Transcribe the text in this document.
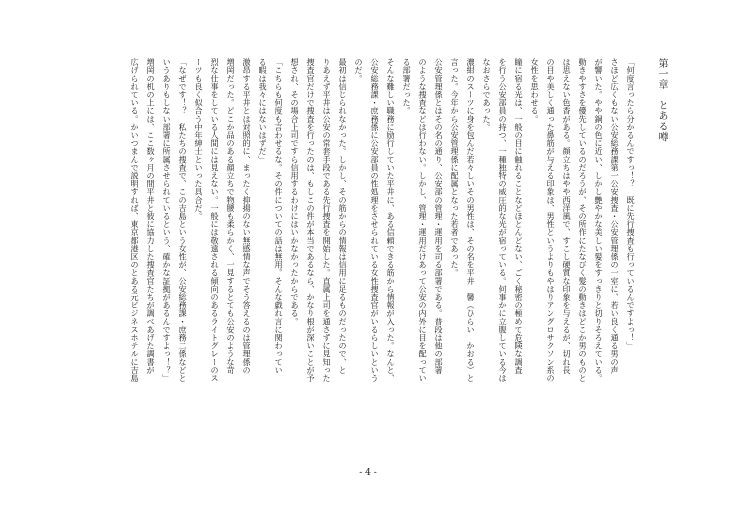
第一章　とある噂
「何度言ったら分かるんですっ！？　既に先行捜査も行っているんですよっ！」
さほど広くもない公安総務課第一公安捜査・公安管理係の一室に、若い良く通る男の声
が響いた。やや銅の色に近い、しかし艶やかな美しい髪をすっきりと切りそろえている。
動きやすさを優先しているのだろうが、その所作にたなびく髪の動きはどこか男のものと
は思えない色香がある。顔立ちはやや西洋風で、すこし硬質な印象を与えるが、切れ長
の目や美しく通った鼻筋が与える印象は、男性というよりもやはりアングロサクソン系の
女性を思わせる。
瞳に宿る光は、一般の目に触れることなどほとんどない、ごく秘密の極めて危険な調査
を行う公安部員の持つ、一種独特の威圧的な光が宿っている。何事かに立腹している今は
なおさらであった。
濃紺のスーツに身を包んだ若々しいその男性は、その名を平井　馨（ひらい　かおる）と
言った。今年から公安管理係に配属となった若者であった。
公安管理係とはその名の通り、公安部の管理・運用を司る部署である。普段は他の部署
のような捜査などは行わない。しかし、管理・運用だけあって公安の内外に目を配ってい
る部署だった。
そんな難しい職務に励行していた平井に、ある信頼できる筋から情報が入った。なんと、
公安総務課・庶務係に公安部員の性処理をさせられている女性捜査官がいるらしいという
のだ。
最初は信じられなかった。しかし、その筋からの情報は信用に足るものだったので、と
りあえず平井は公安の常套手段である先行捜査を開始した。直属上司を通さずに見知った
捜査官だけで捜査を行ったのは、もしこの件が本当であるなら、かなり根が深いことが予
想され、その場合上司ですら信用するわけにはいかなかったからである。
「こちらも何度も言わせるな。その件についての話は無用。そんな戯れ言に関わってい
る暇は我々にはないはずだ」
激昂する平井とは対照的に、まったく抑揚のない無感情な声でそう答えるのは管理係の
増岡だった。どこか品のある顔立ちで物腰も柔らかく、一見するとても公安のような苛
烈な仕事をしている人間には見えない。一般には敬遠される傾向のあるライトグレーのス
ーツも良く似合う中年紳士といった具合だ。
「なぜです！？　私たちの捜査で、この吉島という女性が、公安総務課・庶務二係などと
いうありもしない部署に所属させられているという、確かな証拠があるんですよっ！？」
増岡の机の上には、ここ数ヶ月の間平井と彼に協力した捜査官たちが調べあげた調書が
広げられている。かいつまんで説明すれば、東京都港区のとある元ビジネスホテルに吉島
- 4 -
